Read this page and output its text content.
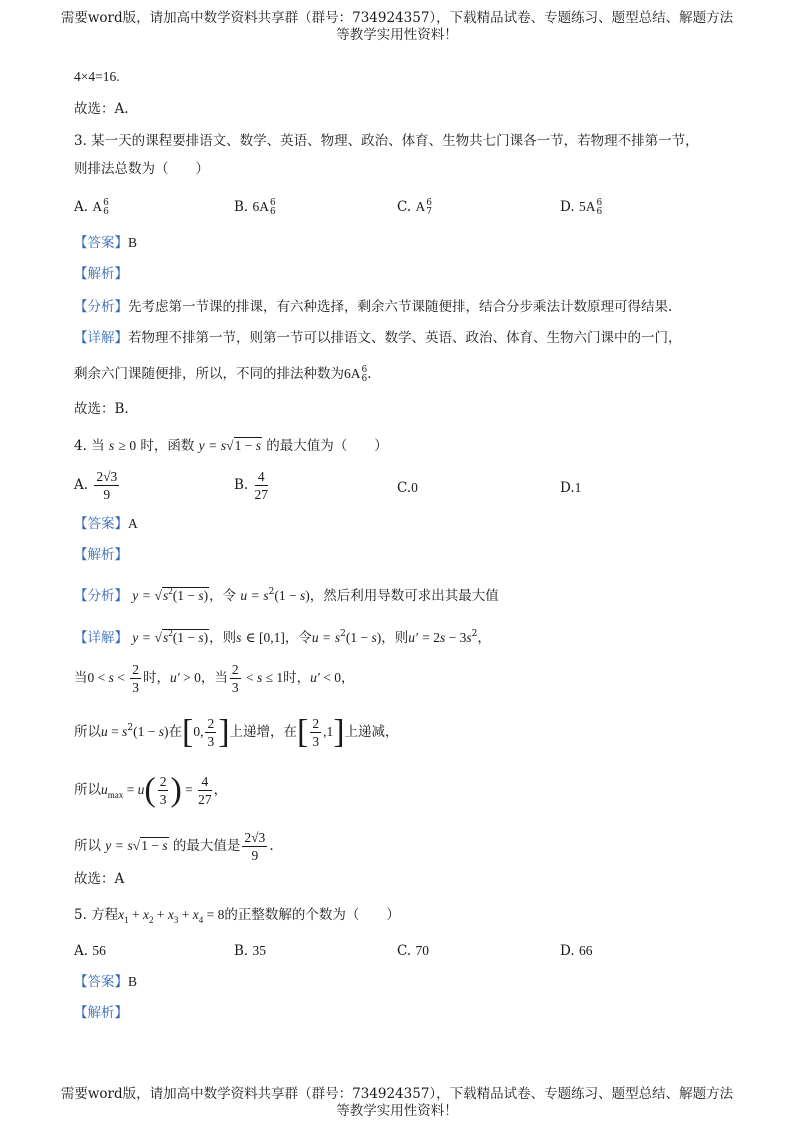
需要word版，请加高中数学资料共享群（群号：734924357），下载精品试卷、专题练习、题型总结、解题方法
等教学实用性资料！
4×4=16.
故选：A.
3. 某一天的课程要排语文、数学、英语、物理、政治、体育、生物共七门课各一节，若物理不排第一节，
则排法总数为（　　）
A. A 6
6	B. 6A 6
6	C. A 6
7	D. 5A 6
6
【答案】B
【解析】
【分析】先考虑第一节课的排课，有六种选择，剩余六节课随便排，结合分步乘法计数原理可得结果.
【详解】若物理不排第一节，则第一节可以排语文、数学、英语、政治、体育、生物六门课中的一门，
剩余六门课随便排，所以，不同的排法种数为6A 6
6 .
故选：B.
4. 当 s ≥ 0 时，函数 y = s√1 − s 的最大值为（　　）
A. $\frac{2√3}{9}$	B. $\frac{4}{27}$	C.0	D.1
【答案】A
【解析】
【分析】 $y = √s^2(1 - s)$，令 $u = s^2(1 - s)$，然后利用导数可求出其最大值
【详解】 $y = √s^2(1 - s)$，则s ∈ [0,1]，令$u = s^2(1 - s)$，则$u' = 2s - 3s^2$，
当$0 < s < \frac{2}{3}$ 时，u′ > 0，当 $\frac{2}{3} < s \le 1$时，u′ < 0，
所以$u = s^2(1 - s)$在[0, $\frac{2}{3}$ ]上递增，在[ $\frac{2}{3} ,1$]上递减，
所以$u_{max} = u( \frac{2}{3}$ ) = $\frac{4}{27}$ ，
所以 y = s√1 − s 的最大值是 $\frac{2√3}{9}$ .
故选：A
5. 方程$x_1 + x_2 + x_3 + x_4 = 8$的正整数解的个数为（　　）
A. 56	B. 35	C. 70	D. 66
【答案】B
【解析】
需要word版，请加高中数学资料共享群（群号：734924357），下载精品试卷、专题练习、题型总结、解题方法
等教学实用性资料！
